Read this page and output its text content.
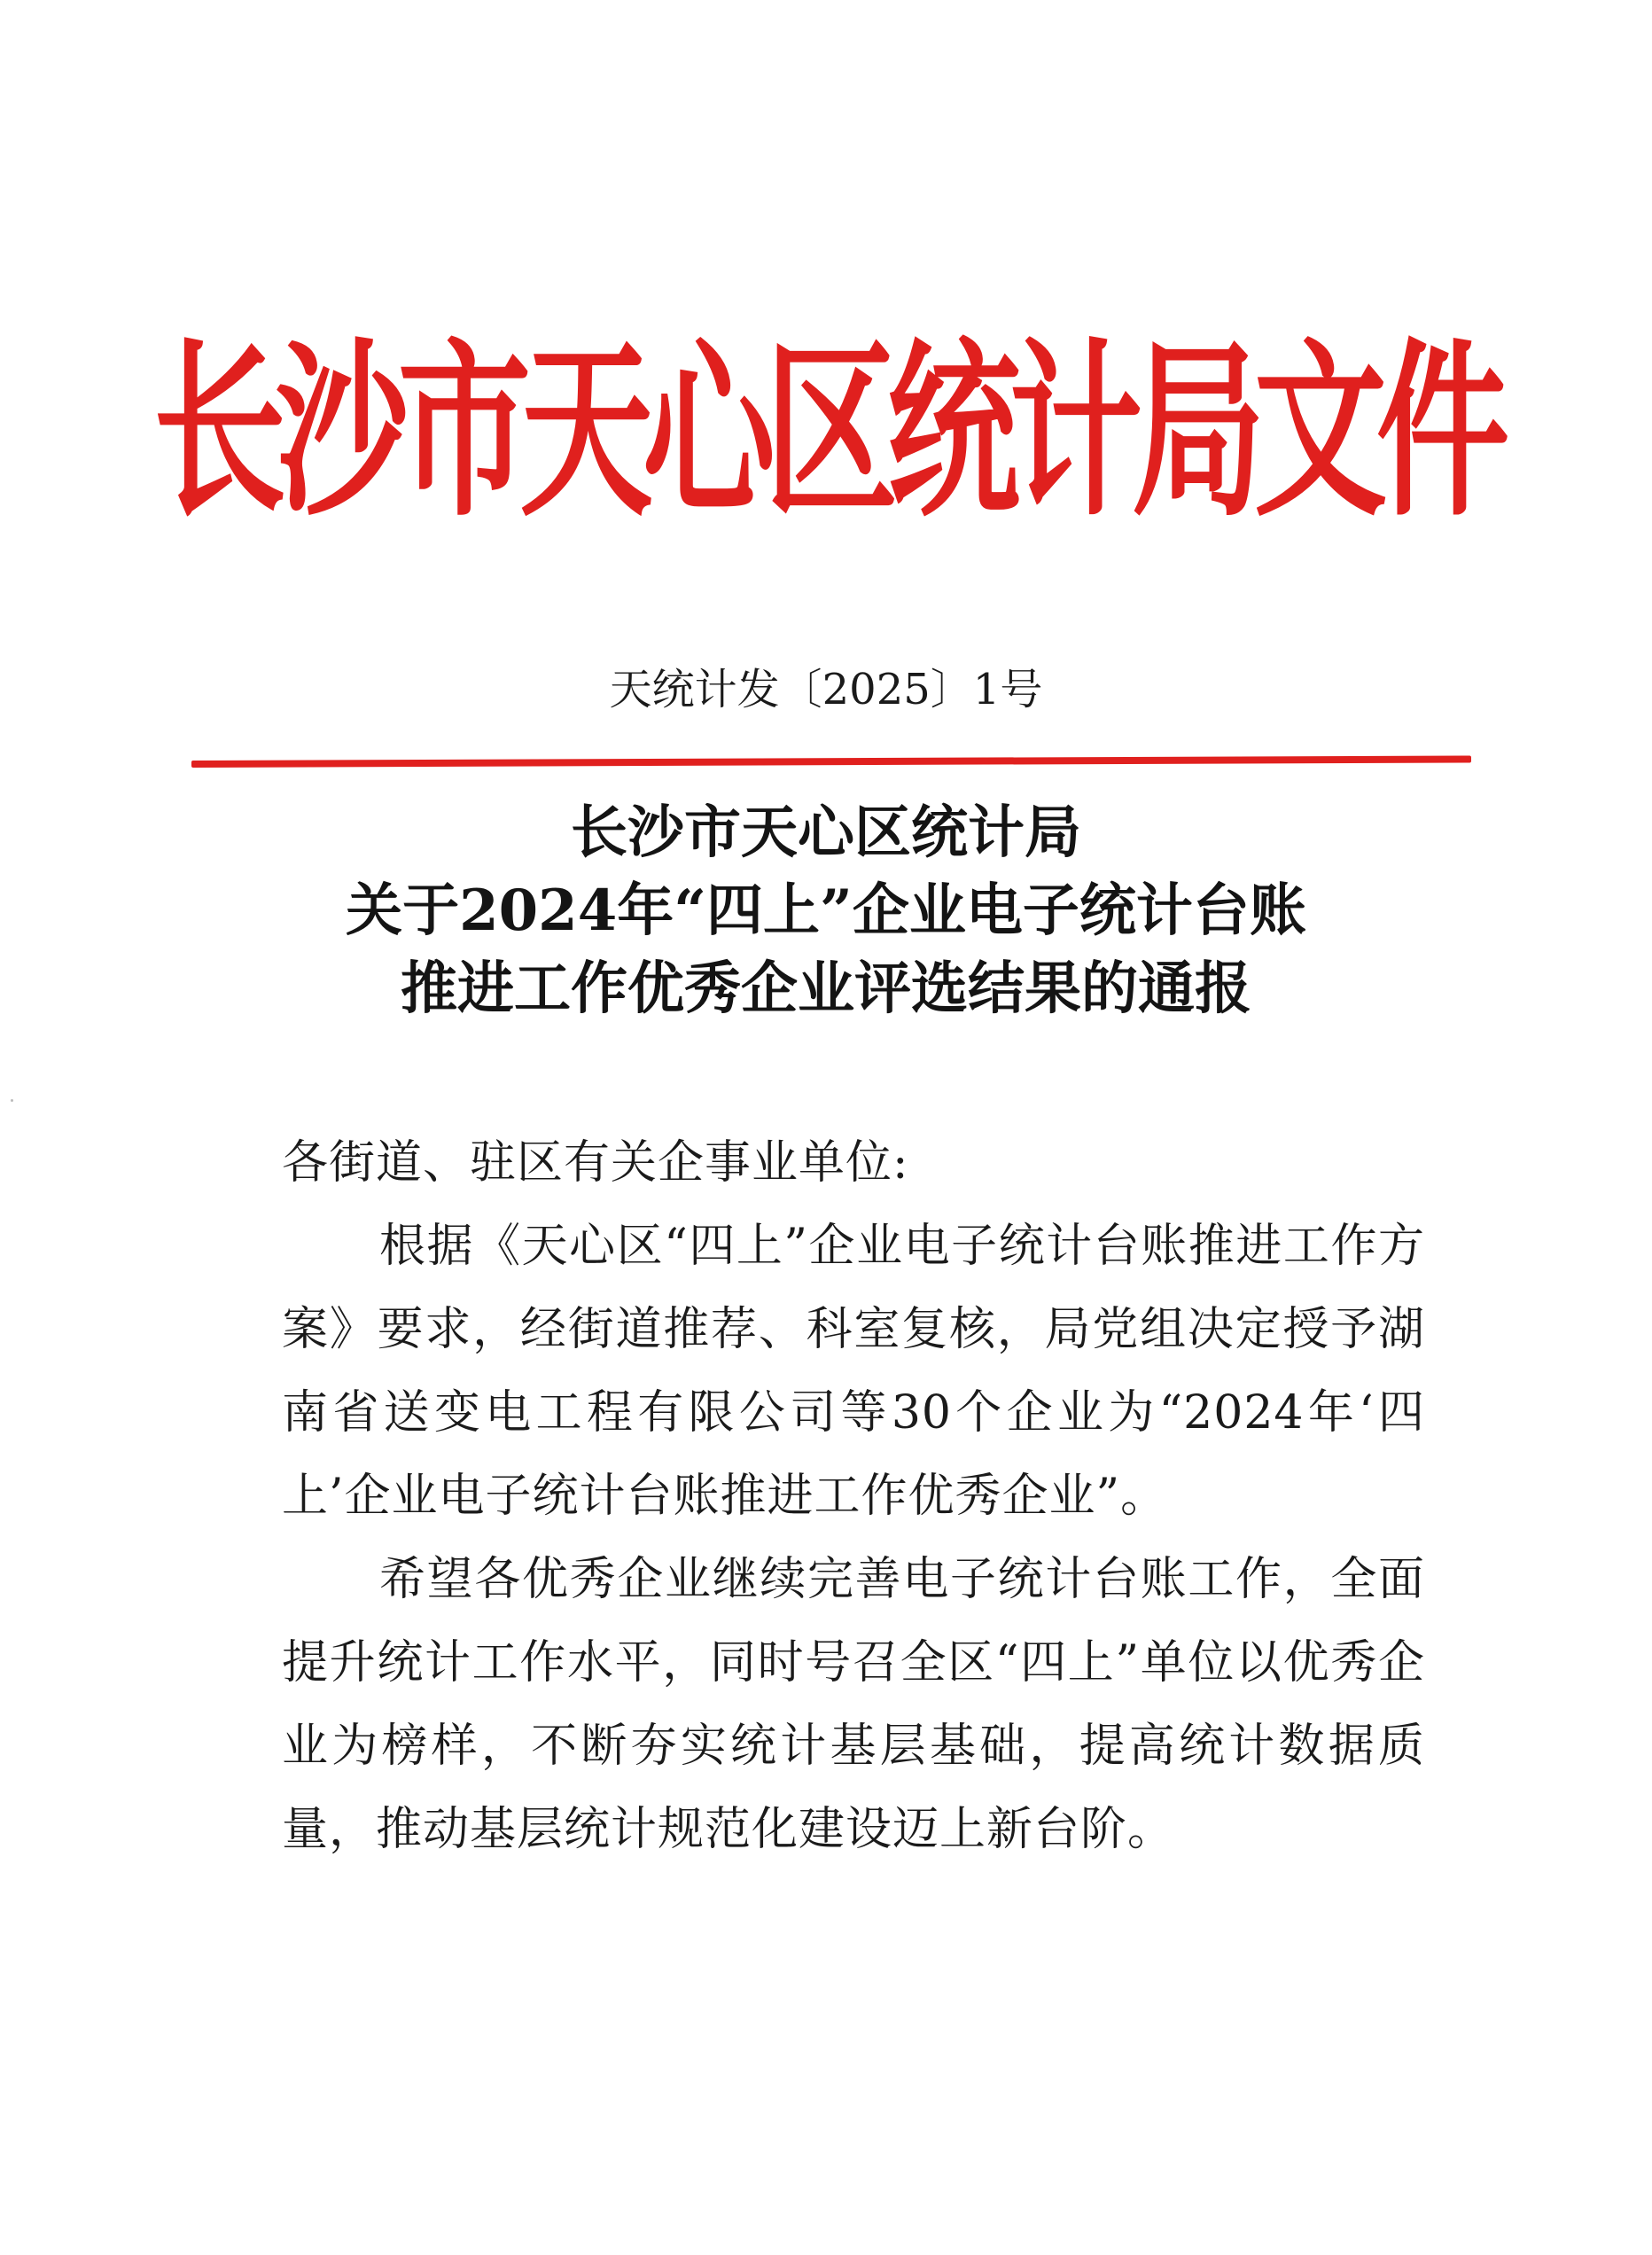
长沙市天心区统计局文件
天统计发〔2025〕1号
长沙市天心区统计局
关于2024年“四上”企业电子统计台账
推进工作优秀企业评选结果的通报
各街道、驻区有关企事业单位:

根据《天心区“四上”企业电子统计台账推进工作方案》要求，经街道推荐、科室复核，局党组决定授予湖南省送变电工程有限公司等30个企业为“2024年‘四上’企业电子统计台账推进工作优秀企业”。

希望各优秀企业继续完善电子统计台账工作，全面提升统计工作水平，同时号召全区“四上”单位以优秀企业为榜样，不断夯实统计基层基础，提高统计数据质量，推动基层统计规范化建设迈上新台阶。
